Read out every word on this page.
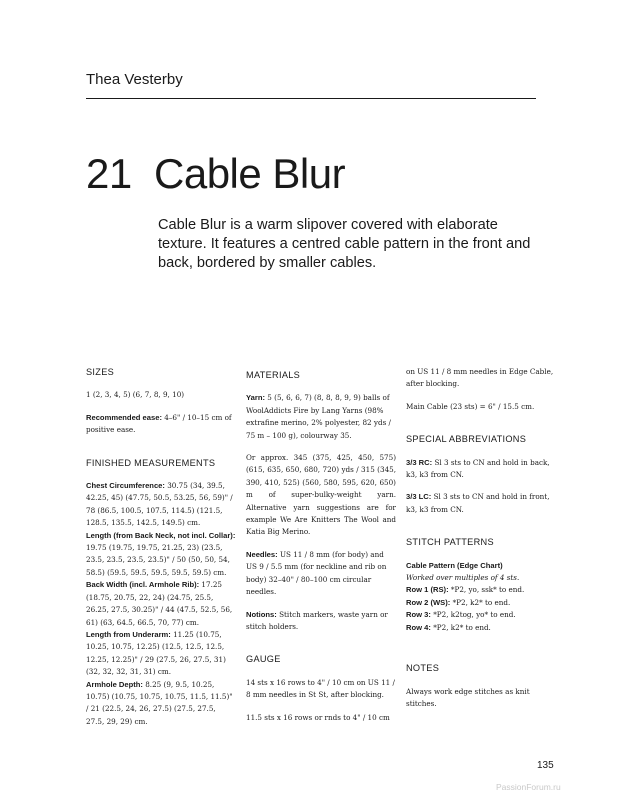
Thea Vesterby
21 Cable Blur
Cable Blur is a warm slipover covered with elaborate texture. It features a centred cable pattern in the front and back, bordered by smaller cables.
SIZES

1 (2, 3, 4, 5) (6, 7, 8, 9, 10)

Recommended ease: 4–6" / 10–15 cm of positive ease.

FINISHED MEASUREMENTS

Chest Circumference: 30.75 (34, 39.5, 42.25, 45) (47.75, 50.5, 53.25, 56, 59)" / 78 (86.5, 100.5, 107.5, 114.5) (121.5, 128.5, 135.5, 142.5, 149.5) cm.

Length (from Back Neck, not incl. Collar): 19.75 (19.75, 19.75, 21.25, 23) (23.5, 23.5, 23.5, 23.5, 23.5)" / 50 (50, 50, 54, 58.5) (59.5, 59.5, 59.5, 59.5, 59.5) cm.

Back Width (incl. Armhole Rib): 17.25 (18.75, 20.75, 22, 24) (24.75, 25.5, 26.25, 27.5, 30.25)" / 44 (47.5, 52.5, 56, 61) (63, 64.5, 66.5, 70, 77) cm.

Length from Underarm: 11.25 (10.75, 10.25, 10.75, 12.25) (12.5, 12.5, 12.5, 12.25, 12.25)" / 29 (27.5, 26, 27.5, 31) (32, 32, 32, 31, 31) cm.

Armhole Depth: 8.25 (9, 9.5, 10.25, 10.75) (10.75, 10.75, 10.75, 11.5, 11.5)" / 21 (22.5, 24, 26, 27.5) (27.5, 27.5, 27.5, 29, 29) cm.

MATERIALS

Yarn: 5 (5, 6, 6, 7) (8, 8, 8, 9, 9) balls of WoolAddicts Fire by Lang Yarns (98% extrafine merino, 2% polyester, 82 yds / 75 m – 100 g), colourway 35.

Or approx. 345 (375, 425, 450, 575) (615, 635, 650, 680, 720) yds / 315 (345, 390, 410, 525) (560, 580, 595, 620, 650) m of super-bulky-weight yarn. Alternative yarn suggestions are for example We Are Knitters The Wool and Katia Big Merino.

Needles: US 11 / 8 mm (for body) and US 9 / 5.5 mm (for neckline and rib on body) 32–40" / 80–100 cm circular needles.

Notions: Stitch markers, waste yarn or stitch holders.

GAUGE

14 sts x 16 rows to 4" / 10 cm on US 11 / 8 mm needles in St St, after blocking.

11.5 sts x 16 rows or rnds to 4" / 10 cm

on US 11 / 8 mm needles in Edge Cable, after blocking.

Main Cable (23 sts) = 6" / 15.5 cm.

SPECIAL ABBREVIATIONS

3/3 RC: Sl 3 sts to CN and hold in back, k3, k3 from CN.

3/3 LC: Sl 3 sts to CN and hold in front, k3, k3 from CN.

STITCH PATTERNS

Cable Pattern (Edge Chart)

Worked over multiples of 4 sts.

Row 1 (RS): *P2, yo, ssk* to end.

Row 2 (WS): *P2, k2* to end.

Row 3: *P2, k2tog, yo* to end.

Row 4: *P2, k2* to end.

NOTES

Always work edge stitches as knit stitches.

135
PassionForum.ru
